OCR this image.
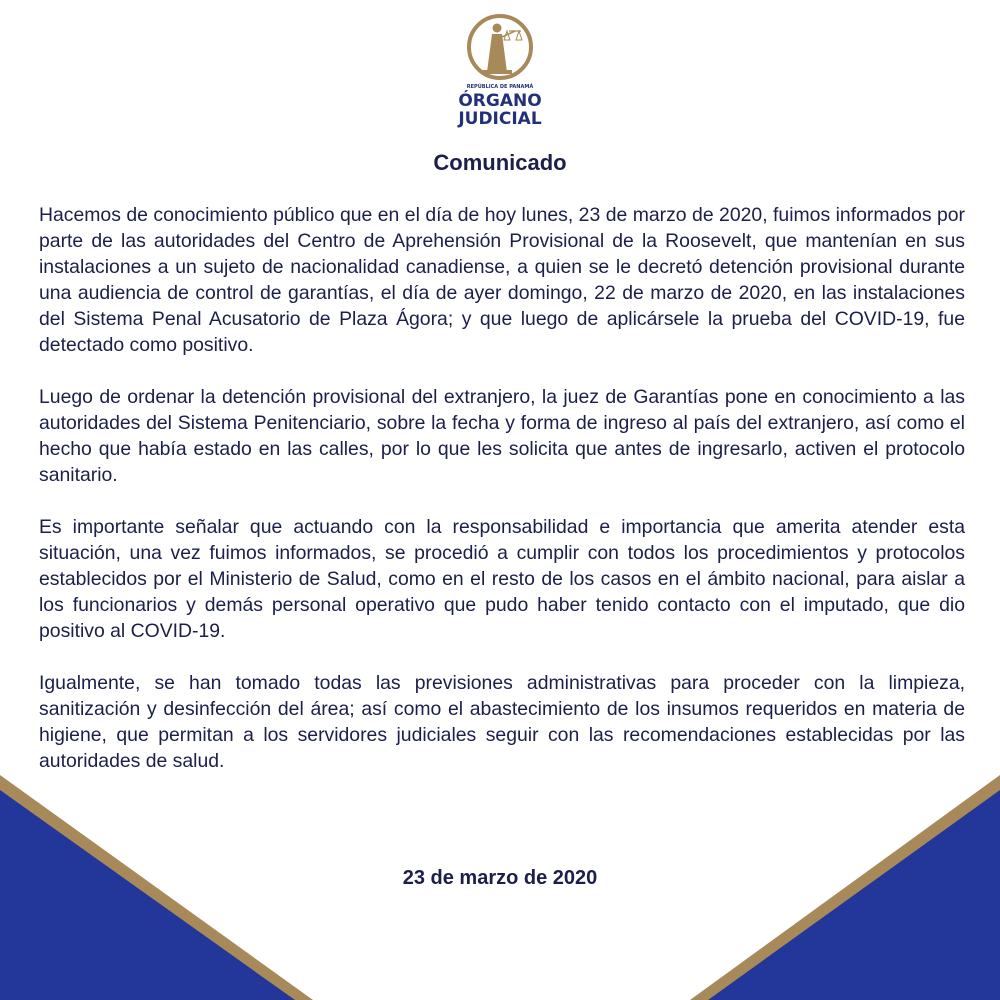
REPÚBLICA DE PANAMÁ
ÓRGANO
JUDICIAL
Comunicado

Hacemos de conocimiento público que en el día de hoy lunes, 23 de marzo de 2020, fuimos informados por parte de las autoridades del Centro de Aprehensión Provisional de la Roosevelt, que mantenían en sus instalaciones a un sujeto de nacionalidad canadiense, a quien se le decretó detención provisional durante una audiencia de control de garantías, el día de ayer domingo, 22 de marzo de 2020, en las instalaciones del Sistema Penal Acusatorio de Plaza Ágora; y que luego de aplicársele la prueba del COVID-19, fue detectado como positivo.

Luego de ordenar la detención provisional del extranjero, la juez de Garantías pone en conocimiento a las autoridades del Sistema Penitenciario, sobre la fecha y forma de ingreso al país del extranjero, así como el hecho que había estado en las calles, por lo que les solicita que antes de ingresarlo, activen el protocolo sanitario.

Es importante señalar que actuando con la responsabilidad e importancia que amerita atender esta situación, una vez fuimos informados, se procedió a cumplir con todos los procedimientos y protocolos establecidos por el Ministerio de Salud, como en el resto de los casos en el ámbito nacional, para aislar a los funcionarios y demás personal operativo que pudo haber tenido contacto con el imputado, que dio positivo al COVID-19.

Igualmente, se han tomado todas las previsiones administrativas para proceder con la limpieza, sanitización y desinfección del área; así como el abastecimiento de los insumos requeridos en materia de higiene, que permitan a los servidores judiciales seguir con las recomendaciones establecidas por las autoridades de salud.

23 de marzo de 2020
